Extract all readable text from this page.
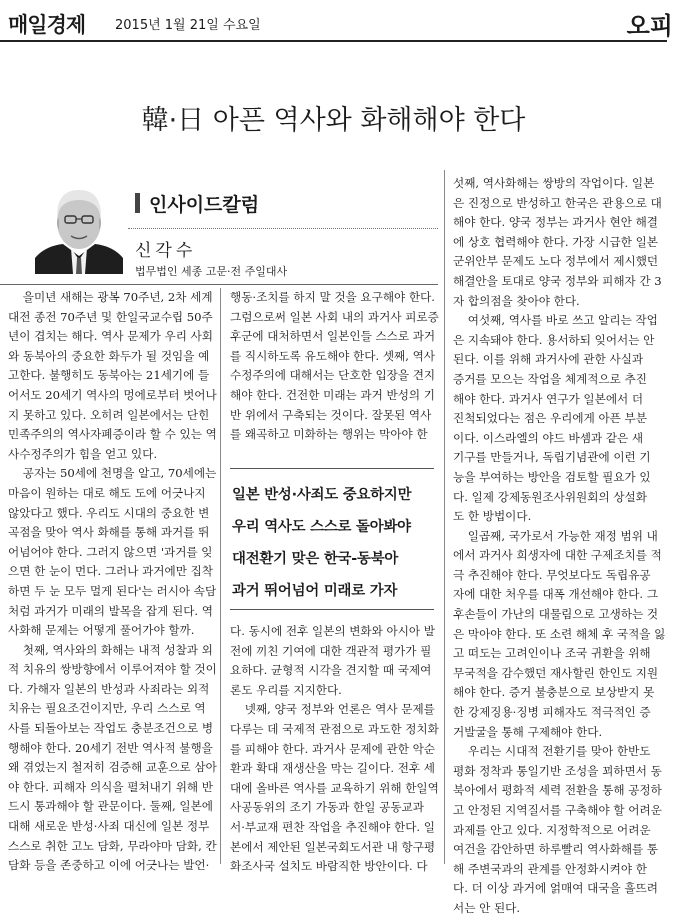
매일경제 2015년 1월 21일 수요일	오피
韓·日 아픈 역사와 화해해야 한다
인사이드칼럼
신각수
법무법인 세종 고문·전 주일대사
을미년 새해는 광복 70주년, 2차 세계
대전 종전 70주년 및 한일국교수립 50주
년이 겹치는 해다. 역사 문제가 우리 사회
와 동북아의 중요한 화두가 될 것임을 예
고한다. 불행히도 동북아는 21세기에 들
어서도 20세기 역사의 멍에로부터 벗어나
지 못하고 있다. 오히려 일본에서는 단힌
민족주의의 역사자폐증이라 할 수 있는 역
사수정주의가 힘을 얻고 있다.
공자는 50세에 천명을 알고, 70세에는
마음이 원하는 대로 해도 도에 어긋나지
않았다고 했다. 우리도 시대의 중요한 변
곡점을 맞아 역사 화해를 통해 과거를 뛰
어넘어야 한다. 그러지 않으면 '과거를 잊
으면 한 눈이 먼다. 그러나 과거에만 집착
하면 두 눈 모두 멀게 된다'는 러시아 속담
처럼 과거가 미래의 발목을 잡게 된다. 역
사화해 문제는 어떻게 풀어가야 할까.
첫째, 역사와의 화해는 내적 성찰과 외
적 치유의 쌍방향에서 이루어져야 할 것이
다. 가해자 일본의 반성과 사죄라는 외적
치유는 필요조건이지만, 우리 스스로 역
사를 되돌아보는 작업도 충분조건으로 병
행해야 한다. 20세기 전반 역사적 불행을
왜 겪었는지 철저히 검증해 교훈으로 삼아
야 한다. 피해자 의식을 펼쳐내기 위해 반
드시 통과해야 할 관문이다. 둘째, 일본에
대해 새로운 반성·사죄 대신에 일본 정부
스스로 취한 고노 담화, 무라야마 담화, 칸
담화 등을 존중하고 이에 어긋나는 발언·
행동·조치를 하지 말 것을 요구해야 한다.
그럼으로써 일본 사회 내의 과거사 피로증
후군에 대처하면서 일본인들 스스로 과거
를 직시하도록 유도해야 한다. 셋째, 역사
수정주의에 대해서는 단호한 입장을 견지
해야 한다. 건전한 미래는 과거 반성의 기
반 위에서 구축되는 것이다. 잘못된 역사
를 왜곡하고 미화하는 행위는 막아야 한
일본 반성·사죄도 중요하지만
우리 역사도 스스로 돌아봐야
대전환기 맞은 한국-동북아
과거 뛰어넘어 미래로 가자
다. 동시에 전후 일본의 변화와 아시아 발
전에 끼친 기여에 대한 객관적 평가가 필
요하다. 균형적 시각을 견지할 때 국제여
론도 우리를 지지한다.
넷째, 양국 정부와 언론은 역사 문제를
다루는 데 국제적 관점으로 과도한 정치화
를 피해야 한다. 과거사 문제에 관한 악순
환과 확대 재생산을 막는 길이다. 전후 세
대에 올바른 역사를 교육하기 위해 한일역
사공동위의 조기 가동과 한일 공동교과
서·부교재 편찬 작업을 추진해야 한다. 일
본에서 제안된 일본국회도서관 내 항구평
화조사국 설치도 바람직한 방안이다. 다
섯째, 역사화해는 쌍방의 작업이다. 일본
은 진정으로 반성하고 한국은 관용으로 대
해야 한다. 양국 정부는 과거사 현안 해결
에 상호 협력해야 한다. 가장 시급한 일본
군위안부 문제도 노다 정부에서 제시했던
해결안을 토대로 양국 정부와 피해자 간 3
자 합의점을 찾아야 한다.
여섯째, 역사를 바로 쓰고 알리는 작업
은 지속돼야 한다. 용서하되 잊어서는 안
된다. 이를 위해 과거사에 관한 사실과
증거를 모으는 작업을 체계적으로 추진
해야 한다. 과거사 연구가 일본에서 더
진척되었다는 점은 우리에게 아픈 부분
이다. 이스라엘의 야드 바셈과 같은 새
기구를 만들거나, 독립기념관에 이런 기
능을 부여하는 방안을 검토할 필요가 있
다. 일제 강제동원조사위원회의 상설화
도 한 방법이다.
일곱째, 국가로서 가능한 재정 범위 내
에서 과거사 희생자에 대한 구제조치를 적
극 추진해야 한다. 무엇보다도 독립유공
자에 대한 처우를 대폭 개선해야 한다. 그
후손들이 가난의 대물림으로 고생하는 것
은 막아야 한다. 또 소련 해체 후 국적을 잃
고 떠도는 고려인이나 조국 귀환을 위해
무국적을 감수했던 재사할린 한인도 지원
해야 한다. 증거 불충분으로 보상받지 못
한 강제징용·징병 피해자도 적극적인 증
거발굴을 통해 구제해야 한다.
우리는 시대적 전환기를 맞아 한반도
평화 정착과 통일기반 조성을 꾀하면서 동
북아에서 평화적 세력 전환을 통해 공정하
고 안정된 지역질서를 구축해야 할 어려운
과제를 안고 있다. 지정학적으로 어려운
여건을 감안하면 하루빨리 역사화해를 통
해 주변국과의 관계를 안정화시켜야 한
다. 더 이상 과거에 얽매여 대국을 흘뜨려
서는 안 된다.
